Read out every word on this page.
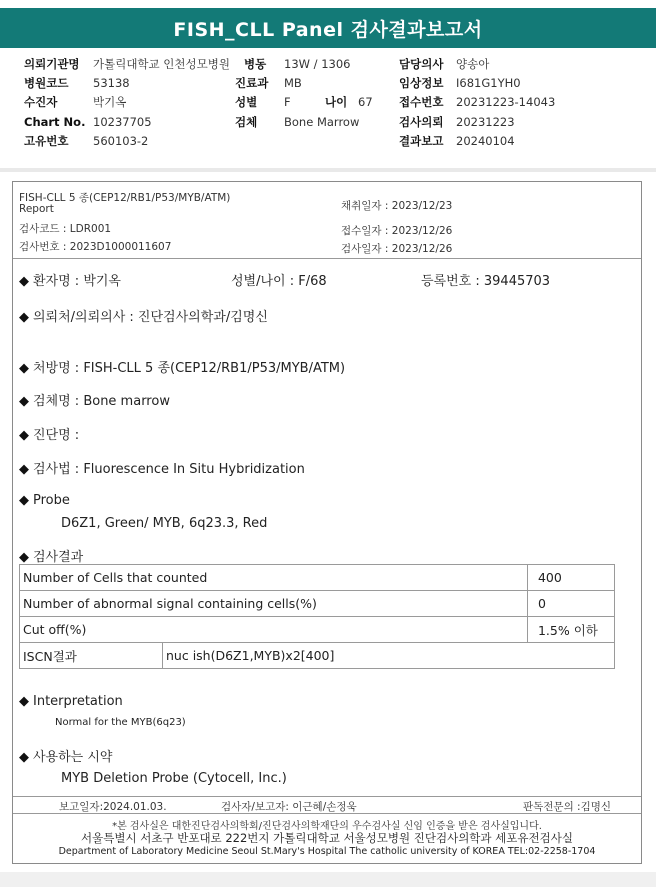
FISH_CLL Panel 검사결과보고서
의뢰기관명 가톨릭대학교 인천성모병원
병원코드 53138
수진자	박기옥
Chart No. 10237705
고유번호 560103-2
병동 13W / 1306
진료과 MB
성별 F	나이 67
검체 Bone Marrow
담당의사 양송아
임상정보 I681G1YH0
접수번호 20231223-14043
검사의뢰 20231223
결과보고 20240104
FISH-CLL 5 종(CEP12/RB1/P53/MYB/ATM)
Report
검사코드 : LDR001
검사번호 : 2023D1000011607
채취일자 : 2023/12/23
접수일자 : 2023/12/26
검사일자 : 2023/12/26
◆ 환자명 : 박기옥	성별/나이 : F/68	등록번호 : 39445703
◆ 의뢰처/의뢰의사 : 진단검사의학과/김명신
◆ 처방명 : FISH-CLL 5 종(CEP12/RB1/P53/MYB/ATM)
◆ 검체명 : Bone marrow
◆ 진단명 :
◆ 검사법 : Fluorescence In Situ Hybridization
◆ Probe
D6Z1, Green/ MYB, 6q23.3, Red
◆ 검사결과
Number of Cells that counted		400
Number of abnormal signal containing cells(%)		0
Cut off(%)		1.5% 이하
ISCN결과	nuc ish(D6Z1,MYB)x2[400]	
◆ Interpretation
Normal for the MYB(6q23)
◆ 사용하는 시약
MYB Deletion Probe (Cytocell, Inc.)
보고일자:2024.01.03.	검사자/보고자: 이근혜/손정욱	판독전문의 :김명신
*본 검사실은 대한진단검사의학회/진단검사의학재단의 우수검사실 신임 인증을 받은 검사실입니다.
서울특별시 서초구 반포대로 222번지 가톨릭대학교 서울성모병원 진단검사의학과 세포유전검사실
Department of Laboratory Medicine Seoul St.Mary's Hospital The catholic university of KOREA TEL:02-2258-1704
